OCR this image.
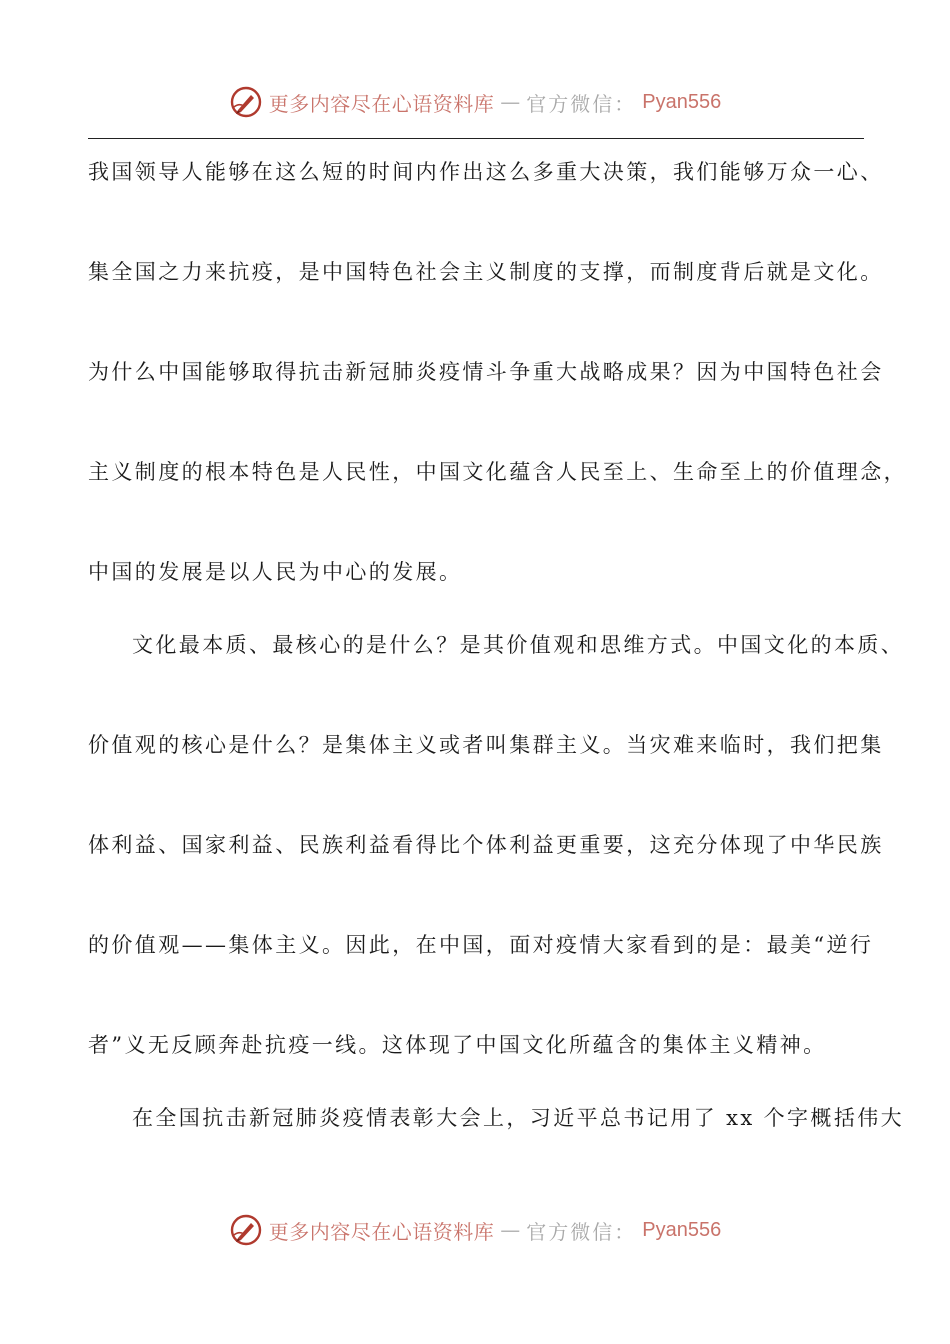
更多内容尽在心语资料库 — 官方微信： Pyan556
我国领导人能够在这么短的时间内作出这么多重大决策，我们能够万众一心、
集全国之力来抗疫，是中国特色社会主义制度的支撑，而制度背后就是文化。
为什么中国能够取得抗击新冠肺炎疫情斗争重大战略成果？因为中国特色社会
主义制度的根本特色是人民性，中国文化蕴含人民至上、生命至上的价值理念，
中国的发展是以人民为中心的发展。
文化最本质、最核心的是什么？是其价值观和思维方式。中国文化的本质、
价值观的核心是什么？是集体主义或者叫集群主义。当灾难来临时，我们把集
体利益、国家利益、民族利益看得比个体利益更重要，这充分体现了中华民族
的价值观——集体主义。因此，在中国，面对疫情大家看到的是：最美“逆行
者”义无反顾奔赴抗疫一线。这体现了中国文化所蕴含的集体主义精神。
在全国抗击新冠肺炎疫情表彰大会上，习近平总书记用了 xx 个字概括伟大
更多内容尽在心语资料库 — 官方微信： Pyan556
